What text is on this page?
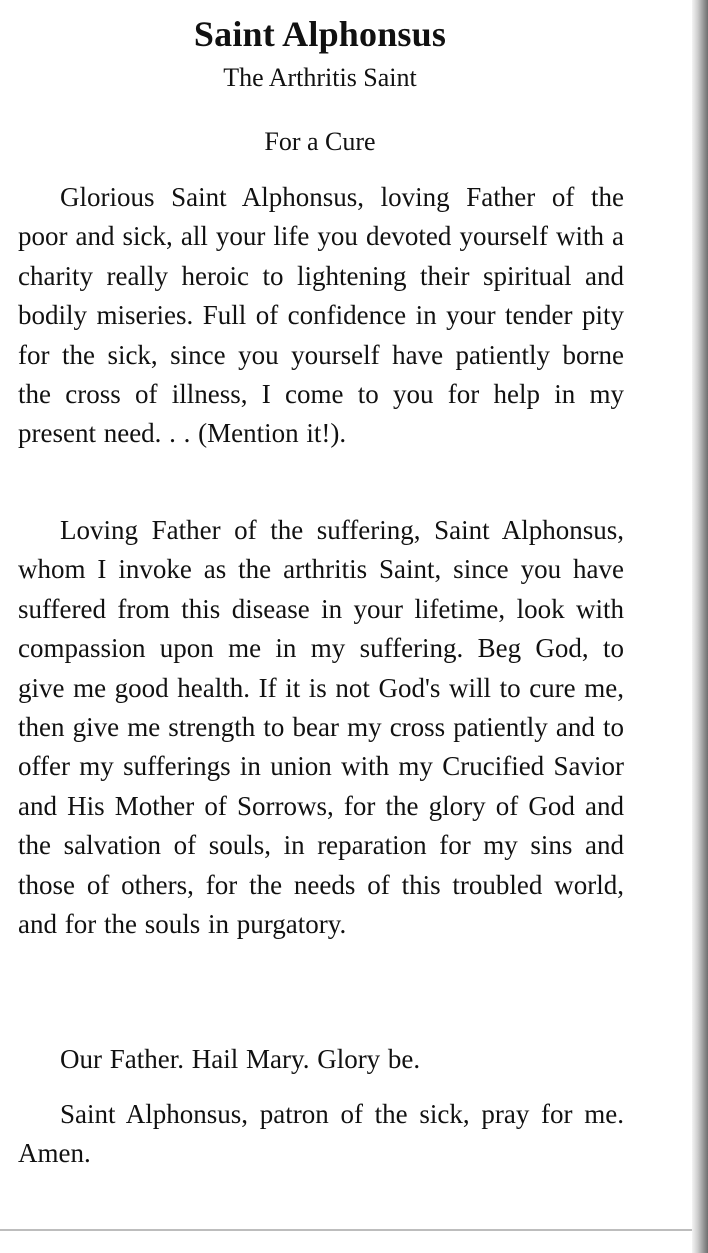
Saint Alphonsus
The Arthritis Saint
For a Cure

Glorious Saint Alphonsus, loving Father of the poor and sick, all your life you devoted yourself with a charity really heroic to lightening their spiritual and bodily miseries. Full of confidence in your tender pity for the sick, since you yourself have patiently borne the cross of illness, I come to you for help in my present need. . . (Mention it!).

Loving Father of the suffering, Saint Alphonsus, whom I invoke as the arthritis Saint, since you have suffered from this disease in your lifetime, look with compassion upon me in my suffering. Beg God, to give me good health. If it is not God's will to cure me, then give me strength to bear my cross patiently and to offer my sufferings in union with my Crucified Savior and His Mother of Sorrows, for the glory of God and the salvation of souls, in reparation for my sins and those of others, for the needs of this troubled world, and for the souls in purgatory.

Our Father. Hail Mary. Glory be.

Saint Alphonsus, patron of the sick, pray for me. Amen.
